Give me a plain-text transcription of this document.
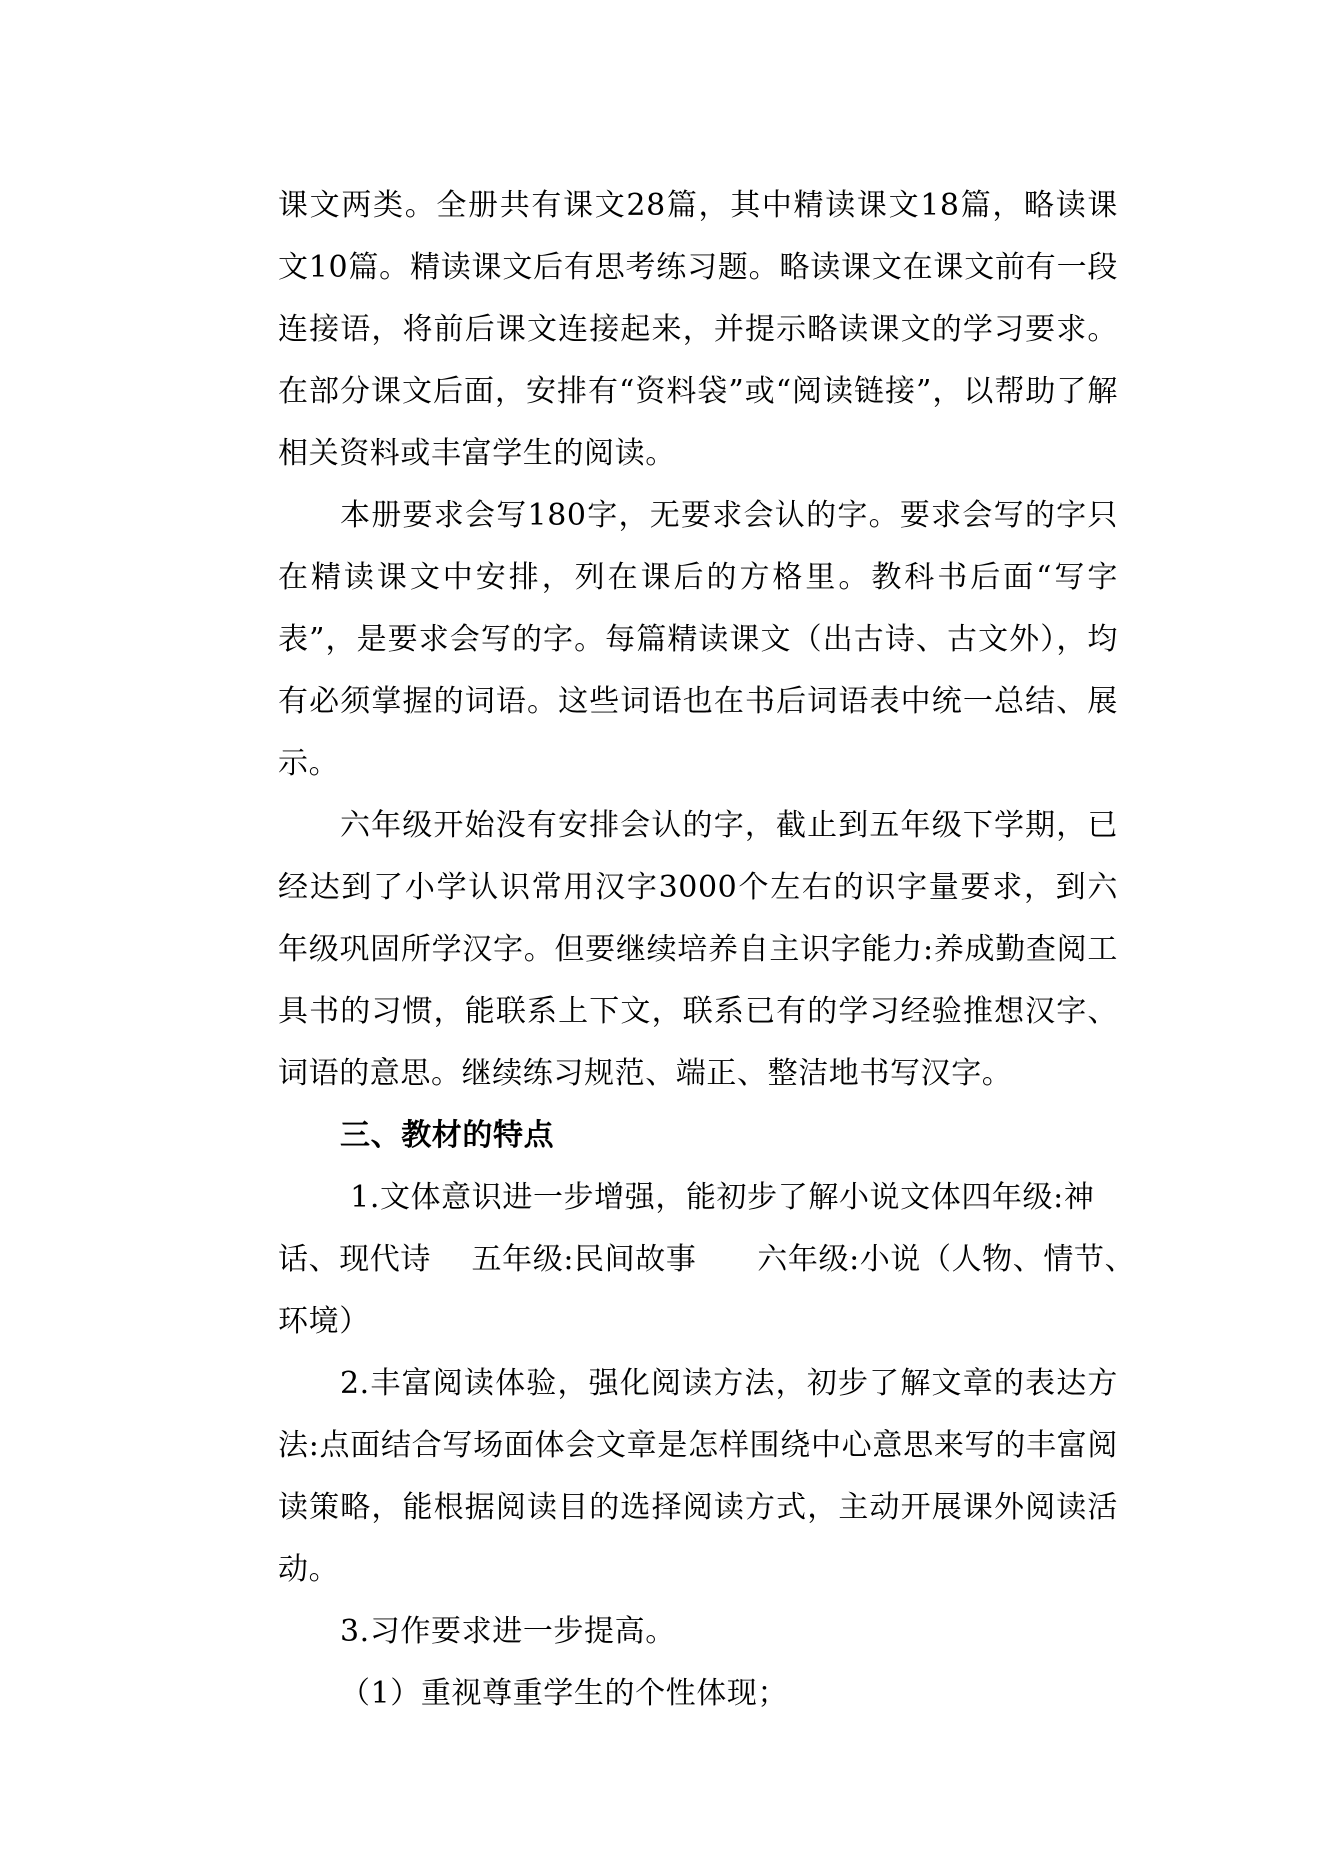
课文两类。全册共有课文28篇，其中精读课文18篇，略读课文10篇。精读课文后有思考练习题。略读课文在课文前有一段连接语，将前后课文连接起来，并提示略读课文的学习要求。在部分课文后面，安排有“资料袋”或“阅读链接”，以帮助了解相关资料或丰富学生的阅读。

本册要求会写180字，无要求会认的字。要求会写的字只在精读课文中安排，列在课后的方格里。教科书后面“写字表”，是要求会写的字。每篇精读课文（出古诗、古文外），均有必须掌握的词语。这些词语也在书后词语表中统一总结、展示。

六年级开始没有安排会认的字，截止到五年级下学期，已经达到了小学认识常用汉字3000个左右的识字量要求，到六年级巩固所学汉字。但要继续培养自主识字能力:养成勤查阅工具书的习惯，能联系上下文，联系已有的学习经验推想汉字、词语的意思。继续练习规范、端正、整洁地书写汉字。

三、教材的特点

1.文体意识进一步增强，能初步了解小说文体四年级:神
话、现代诗    五年级:民间故事      六年级:小说（人物、情节、
环境）

2.丰富阅读体验，强化阅读方法，初步了解文章的表达方法:点面结合写场面体会文章是怎样围绕中心意思来写的丰富阅读策略，能根据阅读目的选择阅读方式，主动开展课外阅读活动。

3.习作要求进一步提高。

（1）重视尊重学生的个性体现；
